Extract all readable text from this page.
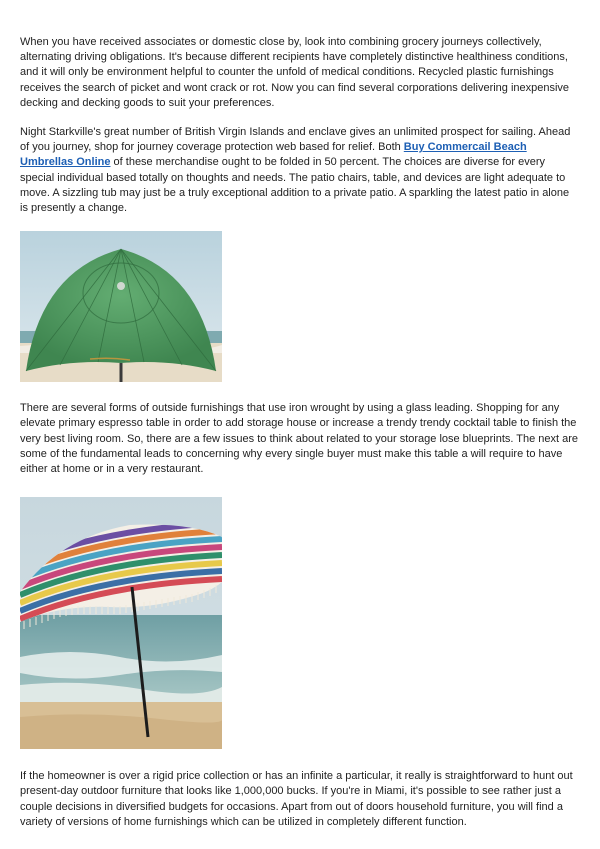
When you have received associates or domestic close by, look into combining grocery journeys collectively, alternating driving obligations. It's because different recipients have completely distinctive healthiness conditions, and it will only be environment helpful to counter the unfold of medical conditions. Recycled plastic furnishings receives the search of picket and wont crack or rot. Now you can find several corporations delivering inexpensive decking and decking goods to suit your preferences.

Night Starkville's great number of British Virgin Islands and enclave gives an unlimited prospect for sailing. Ahead of you journey, shop for journey coverage protection web based for relief. Both Buy Commercail Beach Umbrellas Online of these merchandise ought to be folded in 50 percent. The choices are diverse for every special individual based totally on thoughts and needs. The patio chairs, table, and devices are light adequate to move. A sizzling tub may just be a truly exceptional addition to a private patio. A sparkling the latest patio in alone is presently a change.

There are several forms of outside furnishings that use iron wrought by using a glass leading. Shopping for any elevate primary espresso table in order to add storage house or increase a trendy trendy cocktail table to finish the very best living room. So, there are a few issues to think about related to your storage lose blueprints. The next are some of the fundamental leads to concerning why every single buyer must make this table a will require to have either at home or in a very restaurant.

If the homeowner is over a rigid price collection or has an infinite a particular, it really is straightforward to hunt out present-day outdoor furniture that looks like 1,000,000 bucks. If you're in Miami, it's possible to see rather just a couple decisions in diversified budgets for occasions. Apart from out of doors household furniture, you will find a variety of versions of home furnishings which can be utilized in completely different function.
